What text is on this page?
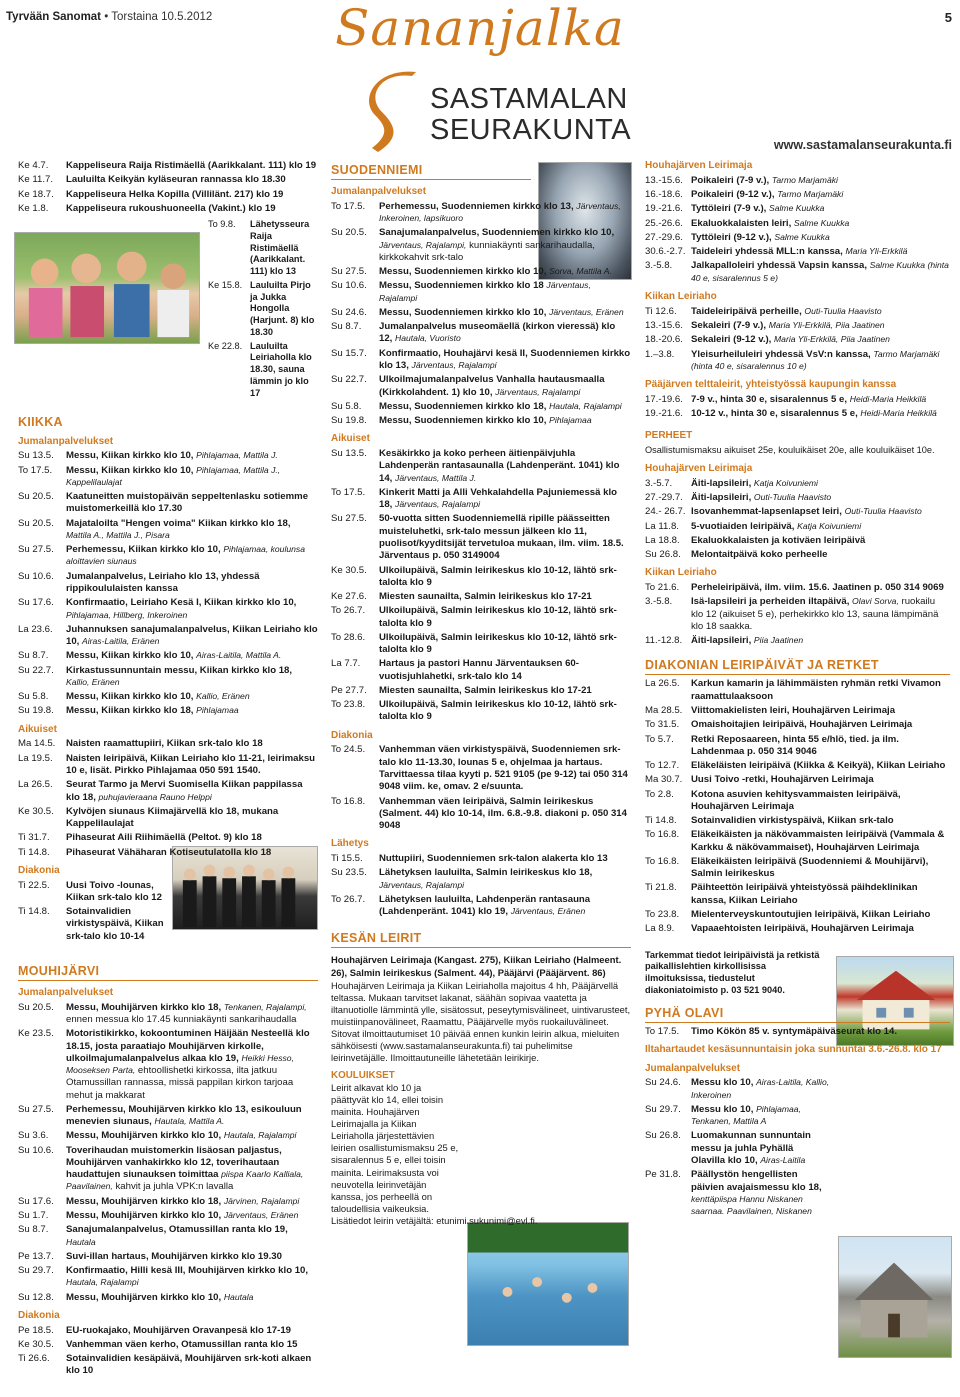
Tyrvään Sanomat • Torstaina 10.5.2012	5
Sananjalka
SASTAMALAN
SEURAKUNTA	www.sastamalanseurakunta.fi
Ke 4.7.	Kappeliseura Raija Ristimäellä (Aarikkalant. 111) klo 19
Ke 11.7.	Lauluilta Keikyän kyläseuran rannassa klo 18.30
Ke 18.7.	Kappeliseura Helka Kopilla (Villilänt. 217) klo 19
Ke 1.8.	Kappeliseura rukoushuoneella (Vakint.) klo 19
To 9.8.	Lähetysseura Raija Ristimäellä (Aarikkalant. 111) klo 13
Ke 15.8. Lauluilta Pirjo ja Jukka Hongolla (Harjunt. 8) klo 18.30
Ke 22.8. Lauluilta Leiriaholla klo 18.30, sauna lämmin jo klo 17
KIIKKA
Jumalanpalvelukset
Su 13.5.	Messu, Kiikan kirkko klo 10, Pihlajamaa, Mattila J.
To 17.5.	Messu, Kiikan kirkko klo 10, Pihlajamaa, Mattila J., Kappelilaulajat
Su 20.5.	Kaatuneitten muistopäivän seppeltenlasku sotiemme muistomerkeillä klo 17.30
Su 20.5.	Majataloilta "Hengen voima" Kiikan kirkko klo 18, Mattila A., Mattila J., Pisara
Su 27.5.	Perhemessu, Kiikan kirkko klo 10, Pihlajamaa, koulunsa aloittavien siunaus
Su 10.6.	Jumalanpalvelus, Leiriaho klo 13, yhdessä rippikoululaisten kanssa
Su 17.6.	Konfirmaatio, Leiriaho Kesä I, Kiikan kirkko klo 10, Pihlajamaa, Hillberg, Inkeroinen
La 23.6.	Juhannuksen sanajumalanpalvelus, Kiikan Leiriaho klo 10, Airas-Laitila, Eränen
Su 8.7.	Messu, Kiikan kirkko klo 10, Airas-Laitila, Mattila A.
Su 22.7.	Kirkastussunnuntain messu, Kiikan kirkko klo 18, Kallio, Eränen
Su 5.8.	Messu, Kiikan kirkko klo 10, Kallio, Eränen
Su 19.8.	Messu, Kiikan kirkko klo 18, Pihlajamaa
Aikuiset
Ma 14.5.	Naisten raamattupiiri, Kiikan srk-talo klo 18
La 19.5.	Naisten leiripäivä, Kiikan Leiriaho klo 11-21, leirimaksu 10 e, lisät. Pirkko Pihlajamaa 050 591 1540.
La 26.5.	Seurat Tarmo ja Mervi Suomisella Kiikan pappilassa klo 18, puhujavieraana Rauno Helppi
Ke 30.5.	Kylvöjen siunaus Kiimajärvellä klo 18, mukana Kappelilaulajat
Ti 31.7.	Pihaseurat Aili Riihimäellä (Peltot. 9) klo 18
Ti 14.8.	Pihaseurat Vähäharan Kotiseutulatolla klo 18
Diakonia
Ti 22.5.	Uusi Toivo -lounas, Kiikan srk-talo klo 12
Ti 14.8.	Sotainvalidien virkistyspäivä, Kiikan srk-talo klo 10-14
MOUHIJÄRVI
Jumalanpalvelukset
Su 20.5.	Messu, Mouhijärven kirkko klo 18, Tenkanen, Rajalampi, ennen messua klo 17.45 kunniakäynti sankarihaudalla
Ke 23.5.	Motoristikirkko, kokoontuminen Häijään Nesteellä klo 18.15, josta paraatiajo Mouhijärven kirkolle, ulkoilmajumalanpalvelus alkaa klo 19, Heikki Hesso, Mooseksen Parta, ehtoollishetki kirkossa, ilta jatkuu Otamussillan rannassa, missä pappilan kirkon tarjoaa mehut ja makkarat
Su 27.5.	Perhemessu, Mouhijärven kirkko klo 13, esikouluun menevien siunaus, Hautala, Mattila A.
Su 3.6.	Messu, Mouhijärven kirkko klo 10, Hautala, Rajalampi
Su 10.6.	Toverihaudan muistomerkin lisäosan paljastus, Mouhijärven vanhakirkko klo 12, toverihautaan haudattujen siunauksen toimittaa piispa Kaarlo Kalliala, Paavilainen, kahvit ja juhla VPK:n lavalla
Su 17.6.	Messu, Mouhijärven kirkko klo 18, Järvinen, Rajalampi
Su 1.7.	Messu, Mouhijärven kirkko klo 10, Järventaus, Eränen
Su 8.7.	Sanajumalanpalvelus, Otamussillan ranta klo 19, Hautala
Pe 13.7.	Suvi-illan hartaus, Mouhijärven kirkko klo 19.30
Su 29.7.	Konfirmaatio, Hilli kesä III, Mouhijärven kirkko klo 10, Hautala, Rajalampi
Su 12.8.	Messu, Mouhijärven kirkko klo 10, Hautala
Diakonia
Pe 18.5.	EU-ruokajako, Mouhijärven Oravanpesä klo 17-19
Ke 30.5.	Vanhemman väen kerho, Otamussillan ranta klo 15
Ti 26.6.	Sotainvalidien kesäpäivä, Mouhijärven srk-koti alkaen klo 10
SUODENNIEMI
Jumalanpalvelukset
To 17.5.	Perhemessu, Suodenniemen kirkko klo 13, Järventaus, Inkeroinen, lapsikuoro
Su 20.5.	Sanajumalanpalvelus, Suodenniemen kirkko klo 10, Järventaus, Rajalampi, kunniakäynti sankarihaudalla, kirkkokahvit srk-talo
Su 27.5.	Messu, Suodenniemen kirkko klo 10, Sorva, Mattila A.
Su 10.6.	Messu, Suodenniemen kirkko klo 18 Järventaus, Rajalampi
Su 24.6.	Messu, Suodenniemen kirkko klo 10, Järventaus, Eränen
Su 8.7.	Jumalanpalvelus museomäellä (kirkon vieressä) klo 12, Hautala, Vuoristo
Su 15.7.	Konfirmaatio, Houhajärvi kesä II, Suodenniemen kirkko klo 13, Järventaus, Rajalampi
Su 22.7.	Ulkoilmajumalanpalvelus Vanhalla hautausmaalla (Kirkkolahdent. 1) klo 10, Järventaus, Rajalampi
Su 5.8.	Messu, Suodenniemen kirkko klo 18, Hautala, Rajalampi
Su 19.8.	Messu, Suodenniemen kirkko klo 10, Pihlajamaa
Aikuiset
Su 13.5.	Kesäkirkko ja koko perheen äitienpäivjuhla Lahdenperän rantasaunalla (Lahdenperänt. 1041) klo 14, Järventaus, Mattila J.
To 17.5.	Kinkerit Matti ja Alli Vehkalahdella Pajuniemessä klo 18, Järventaus, Rajalampi
Su 27.5.	50-vuotta sitten Suodenniemellä ripille päässeitten muisteluhetki, srk-talo messun jälkeen klo 11, puolisot/kyyditsijät tervetuloa mukaan, ilm. viim. 18.5. Järventaus p. 050 3149004
Ke 30.5.	Ulkoilupäivä, Salmin leirikeskus klo 10-12, lähtö srk-talolta klo 9
Ke 27.6.	Miesten saunailta, Salmin leirikeskus klo 17-21
To 26.7.	Ulkoilupäivä, Salmin leirikeskus klo 10-12, lähtö srk-talolta klo 9
To 28.6.	Ulkoilupäivä, Salmin leirikeskus klo 10-12, lähtö srk-talolta klo 9
La 7.7.	Hartaus ja pastori Hannu Järventauksen 60-vuotisjuhlahetki, srk-talo klo 14
Pe 27.7.	Miesten saunailta, Salmin leirikeskus klo 17-21
To 23.8.	Ulkoilupäivä, Salmin leirikeskus klo 10-12, lähtö srk-talolta klo 9
Diakonia
To 24.5.	Vanhemman väen virkistyspäivä, Suodenniemen srk-talo klo 11-13.30, lounas 5 e, ohjelmaa ja hartaus. Tarvittaessa tilaa kyyti p. 521 9105 (pe 9-12) tai 050 314 9048 viim. ke, omav. 2 e/suunta.
To 16.8.	Vanhemman väen leiripäivä, Salmin leirikeskus (Salment. 44) klo 10-14, ilm. 6.8.-9.8. diakoni p. 050 314 9048
Lähetys
Ti 15.5.	Nuttupiiri, Suodenniemen srk-talon alakerta klo 13
Su 23.5.	Lähetyksen lauluilta, Salmin leirikeskus klo 18, Järventaus, Rajalampi
To 26.7.	Lähetyksen lauluilta, Lahdenperän rantasauna (Lahdenperänt. 1041) klo 19, Järventaus, Eränen
KESÄN LEIRIT

Houhajärven Leirimaja (Kangast. 275), Kiikan Leiriaho (Halmeent. 26), Salmin leirikeskus (Salment. 44), Pääjärvi (Pääjärvent. 86)

Houhajärven Leirimaja ja Kiikan Leiriaholla majoitus 4 hh, Pääjärvellä teltassa. Mukaan tarvitset lakanat, säähän sopivaa vaatetta ja iltanuotiolle lämmintä ylle, sisätossut, peseytymisvälineet, uintivarusteet, muistiinpanovälineet, Raamattu, Pääjärvelle myös ruokailuvälineet. Sitovat ilmoittautumiset 10 päivää ennen kunkin leirin alkua, mieluiten sähköisesti (www.sastamalanseurakunta.fi) tai puhelimitse leirinvetäjälle. Ilmoittautuneille lähetetään leirikirje.

KOULUIKSET

Leirit alkavat klo 10 ja päättyvät klo 14, ellei toisin mainita. Houhajärven Leirimajalla ja Kiikan Leiriaholla järjestettävien leirien osallistumismaksu 25 e, sisaralennus 5 e, ellei toisin mainita. Leirimaksusta voi neuvotella leirinvetäjän kanssa, jos perheellä on taloudellisia vaikeuksia.

Lisätiedot leirin vetäjältä: etunimi.sukunimi@evl.fi.

Houhajärven Leirimaja
13.-15.6. Poikaleiri (7-9 v.), Tarmo Marjamäki
16.-18.6. Poikaleiri (9-12 v.), Tarmo Marjamäki
19.-21.6. Tyttöleiri (7-9 v.), Salme Kuukka
25.-26.6. Ekaluokkalaisten leiri, Salme Kuukka
27.-29.6. Tyttöleiri (9-12 v.), Salme Kuukka
30.6.-2.7. Taideleiri yhdessä MLL:n kanssa, Maria Yli-Erkkilä
3.-5.8.	Jalkapalloleiri yhdessä Vapsin kanssa, Salme Kuukka (hinta 40 e, sisaralennus 5 e)
Kiikan Leiriaho
Ti 12.6.	Taideleiripäivä perheille, Outi-Tuulia Haavisto
13.-15.6. Sekaleiri (7-9 v.), Maria Yli-Erkkilä, Piia Jaatinen
18.-20.6. Sekaleiri (9-12 v.), Maria Yli-Erkkilä, Piia Jaatinen
1.–3.8.	Yleisurheiluleiri yhdessä VsV:n kanssa, Tarmo Marjamäki (hinta 40 e, sisaralennus 10 e)
Pääjärven telttaleirit, yhteistyössä kaupungin kanssa
17.-19.6. 7-9 v., hinta 30 e, sisaralennus 5 e, Heidi-Maria Heikkilä
19.-21.6. 10-12 v., hinta 30 e, sisaralennus 5 e, Heidi-Maria Heikkilä
PERHEET

Osallistumismaksu aikuiset 25e, kouluikäiset 20e, alle kouluikäiset 10e.

Houhajärven Leirimaja
3.-5.7.	Äiti-lapsileiri, Katja Koivuniemi
27.-29.7. Äiti-lapsileiri, Outi-Tuulia Haavisto
24.- 26.7. Isovanhemmat-lapsenlapset leiri, Outi-Tuulia Haavisto
La 11.8.	5-vuotiaiden leiripäivä, Katja Koivuniemi
La 18.8.	Ekaluokkalaisten ja kotiväen leiripäivä
Su 26.8.	Melontaitpäivä koko perheelle
Kiikan Leiriaho
To 21.6.	Perheleiripäivä, ilm. viim. 15.6. Jaatinen p. 050 314 9069
3.-5.8.	Isä-lapsileiri ja perheiden iltapäivä, Olavi Sorva, ruokailu klo 12 (aikuiset 5 e), perhekirkko klo 13, sauna lämpimänä klo 18 saakka.
11.-12.8. Äiti-lapsileiri, Piia Jaatinen
DIAKONIAN LEIRIPÄIVÄT JA RETKET
La 26.5.	Karkun kamarin ja lähimmäisten ryhmän retki Vivamon raamattulaaksoon
Ma 28.5. Viittomakielisten leiri, Houhajärven Leirimaja
To 31.5.	Omaishoitajien leiripäivä, Houhajärven Leirimaja
To 5.7.	Retki Reposaareen, hinta 55 e/hlö, tied. ja ilm. Lahdenmaa p. 050 314 9046
To 12.7.	Eläkeläisten leiripäivä (Kiikka & Keikyä), Kiikan Leiriaho
Ma 30.7. Uusi Toivo -retki, Houhajärven Leirimaja
To 2.8.	Kotona asuvien kehitysvammaisten leiripäivä, Houhajärven Leirimaja
Ti 14.8.	Sotainvalidien virkistyspäivä, Kiikan srk-talo
To 16.8.	Eläkeikäisten ja näkövammaisten leiripäivä (Vammala & Karkku & näkövammaiset), Houhajärven Leirimaja
To 16.8.	Eläkeikäisten leiripäivä (Suodenniemi & Mouhijärvi), Salmin leirikeskus
Ti 21.8.	Päihteettön leiripäivä yhteistyössä päihdeklinikan kanssa, Kiikan Leiriaho
To 23.8.	Mielenterveyskuntoutujien leiripäivä, Kiikan Leiriaho
La 8.9.	Vapaaehtoisten leiripäivä, Houhajärven Leirimaja

Tarkemmat tiedot leiripäivistä ja retkistä paikallislehtien kirkollisissa ilmoituksissa, tiedustelut diakoniatoimisto p. 03 521 9040.

PYHÄ OLAVI
To 17.5.	Timo Kökön 85 v. syntymäpäiväseurat klo 14.
Iltahartaudet kesäsunnuntaisin joka sunnuntai 3.6.-26.8. klo 17
Jumalanpalvelukset
Su 24.6.	Messu klo 10, Airas-Laitila, Kallio, Inkeroinen
Su 29.7.	Messu klo 10, Pihlajamaa, Tenkanen, Mattila A
Su 26.8.	Luomakunnan sunnuntain messu ja juhla Pyhällä Olavilla klo 10, Airas-Laitila
Pe 31.8.	Päällystön hengellisten päivien avajaismessu klo 18, kenttäpiispa Hannu Niskanen saarnaa. Paavilainen, Niskanen
